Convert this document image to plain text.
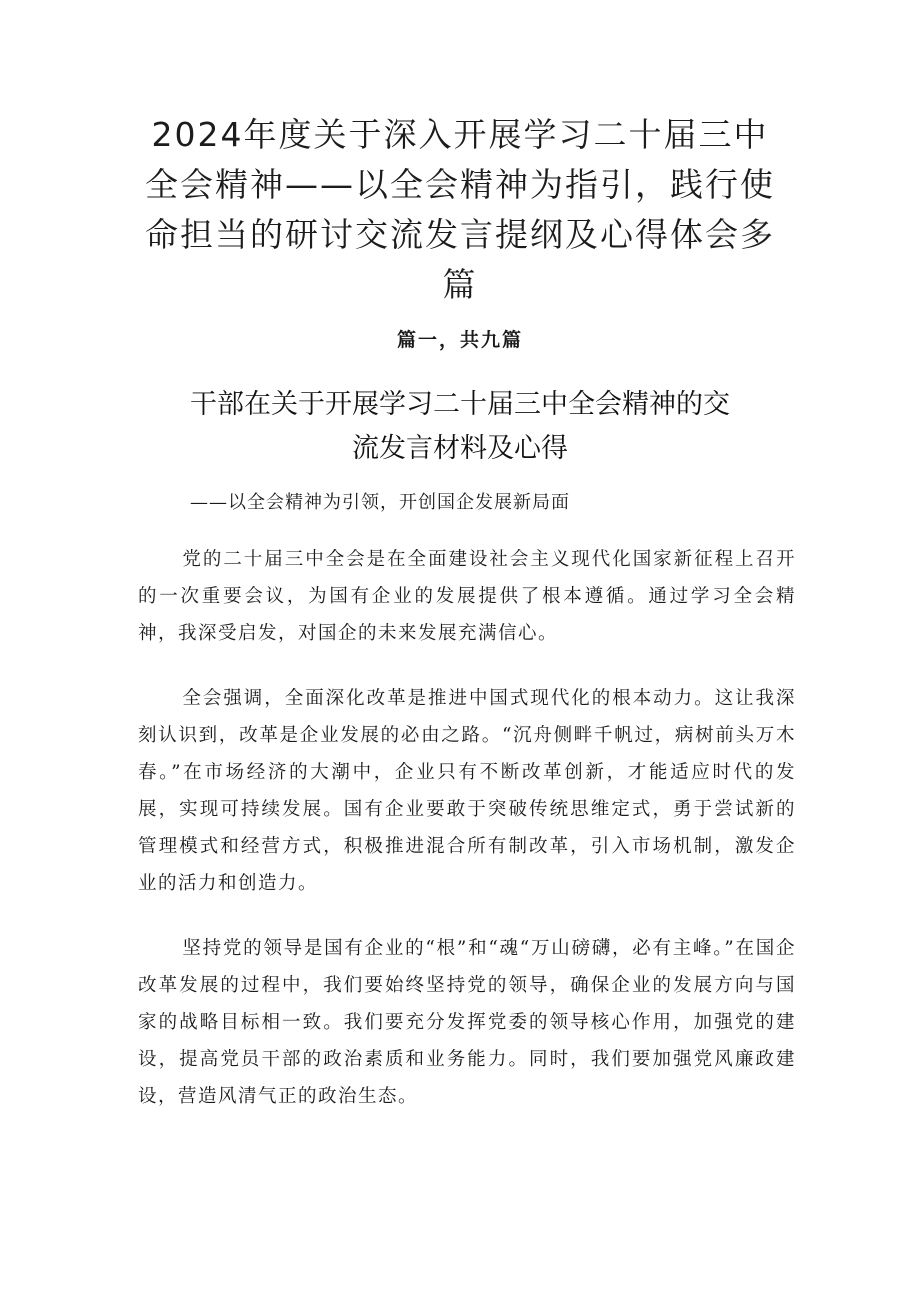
2024年度关于深入开展学习二十届三中全会精神——以全会精神为指引，践行使命担当的研讨交流发言提纲及心得体会多篇
篇一，共九篇
干部在关于开展学习二十届三中全会精神的交流发言材料及心得

——以全会精神为引领，开创国企发展新局面

党的二十届三中全会是在全面建设社会主义现代化国家新征程上召开的一次重要会议，为国有企业的发展提供了根本遵循。通过学习全会精神，我深受启发，对国企的未来发展充满信心。

全会强调，全面深化改革是推进中国式现代化的根本动力。这让我深刻认识到，改革是企业发展的必由之路。“沉舟侧畔千帆过，病树前头万木春。”在市场经济的大潮中，企业只有不断改革创新，才能适应时代的发展，实现可持续发展。国有企业要敢于突破传统思维定式，勇于尝试新的管理模式和经营方式，积极推进混合所有制改革，引入市场机制，激发企业的活力和创造力。

坚持党的领导是国有企业的“根”和“魂“万山磅礴，必有主峰。”在国企改革发展的过程中，我们要始终坚持党的领导，确保企业的发展方向与国家的战略目标相一致。我们要充分发挥党委的领导核心作用，加强党的建设，提高党员干部的政治素质和业务能力。同时，我们要加强党风廉政建设，营造风清气正的政治生态。
